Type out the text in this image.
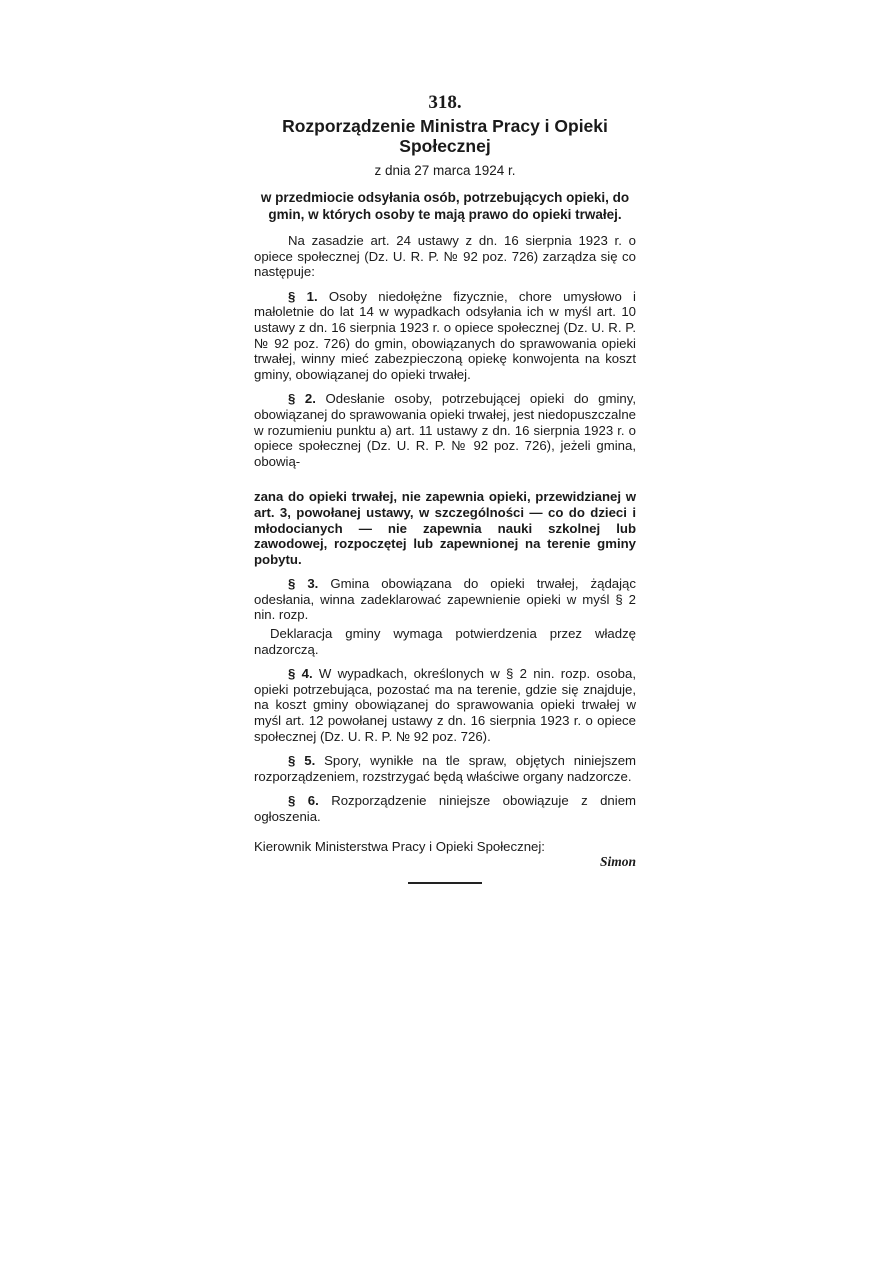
318.
Rozporządzenie Ministra Pracy i Opieki
Społecznej
z dnia 27 marca 1924 r.
w przedmiocie odsyłania osób, potrzebujących opieki, do gmin, w których osoby te mają prawo do opieki trwałej.

Na zasadzie art. 24 ustawy z dn. 16 sierpnia 1923 r. o opiece społecznej (Dz. U. R. P. № 92 poz. 726) zarządza się co następuje:

§ 1. Osoby niedołężne fizycznie, chore umysłowo i małoletnie do lat 14 w wypadkach odsyłania ich w myśl art. 10 ustawy z dn. 16 sierpnia 1923 r. o opiece społecznej (Dz. U. R. P. № 92 poz. 726) do gmin, obowiązanych do sprawowania opieki trwałej, winny mieć zabezpieczoną opiekę konwojenta na koszt gminy, obowiązanej do opieki trwałej.

§ 2. Odesłanie osoby, potrzebującej opieki do gminy, obowiązanej do sprawowania opieki trwałej, jest niedopuszczalne w rozumieniu punktu a) art. 11 ustawy z dn. 16 sierpnia 1923 r. o opiece społecznej (Dz. U. R. P. № 92 poz. 726), jeżeli gmina, obowią-

zana do opieki trwałej, nie zapewnia opieki, przewidzianej w art. 3, powołanej ustawy, w szczególności — co do dzieci i młodocianych — nie zapewnia nauki szkolnej lub zawodowej, rozpoczętej lub zapewnionej na terenie gminy pobytu.

§ 3. Gmina obowiązana do opieki trwałej, żądając odesłania, winna zadeklarować zapewnienie opieki w myśl § 2 nin. rozp.

Deklaracja gminy wymaga potwierdzenia przez władzę nadzorczą.

§ 4. W wypadkach, określonych w § 2 nin. rozp. osoba, opieki potrzebująca, pozostać ma na terenie, gdzie się znajduje, na koszt gminy obowiązanej do sprawowania opieki trwałej w myśl art. 12 powołanej ustawy z dn. 16 sierpnia 1923 r. o opiece społecznej (Dz. U. R. P. № 92 poz. 726).

§ 5. Spory, wynikłe na tle spraw, objętych niniejszem rozporządzeniem, rozstrzygać będą właściwe organy nadzorcze.

§ 6. Rozporządzenie niniejsze obowiązuje z dniem ogłoszenia.

Kierownik Ministerstwa Pracy i Opieki Społecznej:
Simon
